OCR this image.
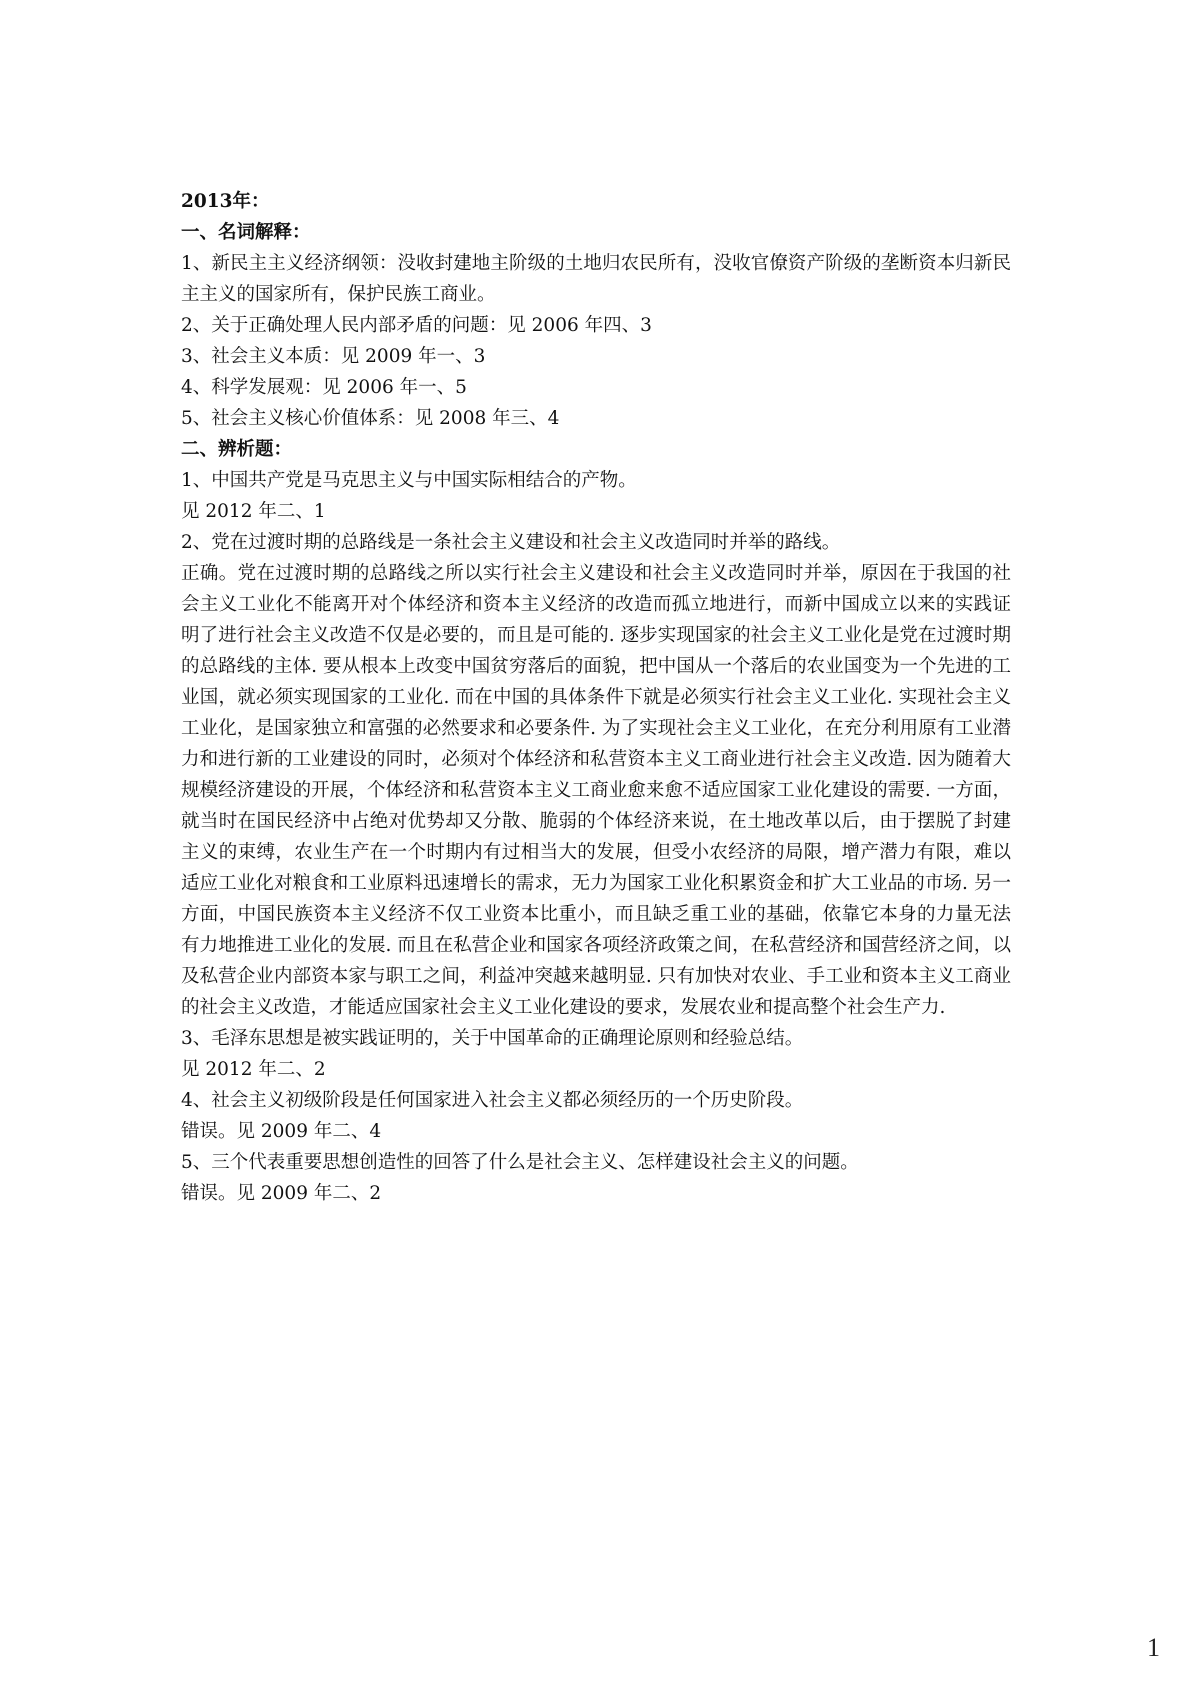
2013年：

一、名词解释：

1、新民主主义经济纲领：没收封建地主阶级的土地归农民所有，没收官僚资产阶级的垄断资本归新民主主义的国家所有，保护民族工商业。

2、关于正确处理人民内部矛盾的问题：见 2006 年四、3

3、社会主义本质：见 2009 年一、3

4、科学发展观：见 2006 年一、5

5、社会主义核心价值体系：见 2008 年三、4

二、辨析题：

1、中国共产党是马克思主义与中国实际相结合的产物。

见 2012 年二、1

2、党在过渡时期的总路线是一条社会主义建设和社会主义改造同时并举的路线。

正确。党在过渡时期的总路线之所以实行社会主义建设和社会主义改造同时并举，原因在于我国的社会主义工业化不能离开对个体经济和资本主义经济的改造而孤立地进行，而新中国成立以来的实践证明了进行社会主义改造不仅是必要的，而且是可能的. 逐步实现国家的社会主义工业化是党在过渡时期的总路线的主体. 要从根本上改变中国贫穷落后的面貌，把中国从一个落后的农业国变为一个先进的工业国，就必须实现国家的工业化. 而在中国的具体条件下就是必须实行社会主义工业化. 实现社会主义工业化，是国家独立和富强的必然要求和必要条件. 为了实现社会主义工业化，在充分利用原有工业潜力和进行新的工业建设的同时，必须对个体经济和私营资本主义工商业进行社会主义改造. 因为随着大规模经济建设的开展，个体经济和私营资本主义工商业愈来愈不适应国家工业化建设的需要. 一方面，就当时在国民经济中占绝对优势却又分散、脆弱的个体经济来说，在土地改革以后，由于摆脱了封建主义的束缚，农业生产在一个时期内有过相当大的发展，但受小农经济的局限，增产潜力有限，难以适应工业化对粮食和工业原料迅速增长的需求，无力为国家工业化积累资金和扩大工业品的市场. 另一方面，中国民族资本主义经济不仅工业资本比重小，而且缺乏重工业的基础，依靠它本身的力量无法有力地推进工业化的发展. 而且在私营企业和国家各项经济政策之间，在私营经济和国营经济之间，以及私营企业内部资本家与职工之间，利益冲突越来越明显. 只有加快对农业、手工业和资本主义工商业的社会主义改造，才能适应国家社会主义工业化建设的要求，发展农业和提高整个社会生产力.

3、毛泽东思想是被实践证明的，关于中国革命的正确理论原则和经验总结。

见 2012 年二、2

4、社会主义初级阶段是任何国家进入社会主义都必须经历的一个历史阶段。

错误。见 2009 年二、4

5、三个代表重要思想创造性的回答了什么是社会主义、怎样建设社会主义的问题。

错误。见 2009 年二、2

1
